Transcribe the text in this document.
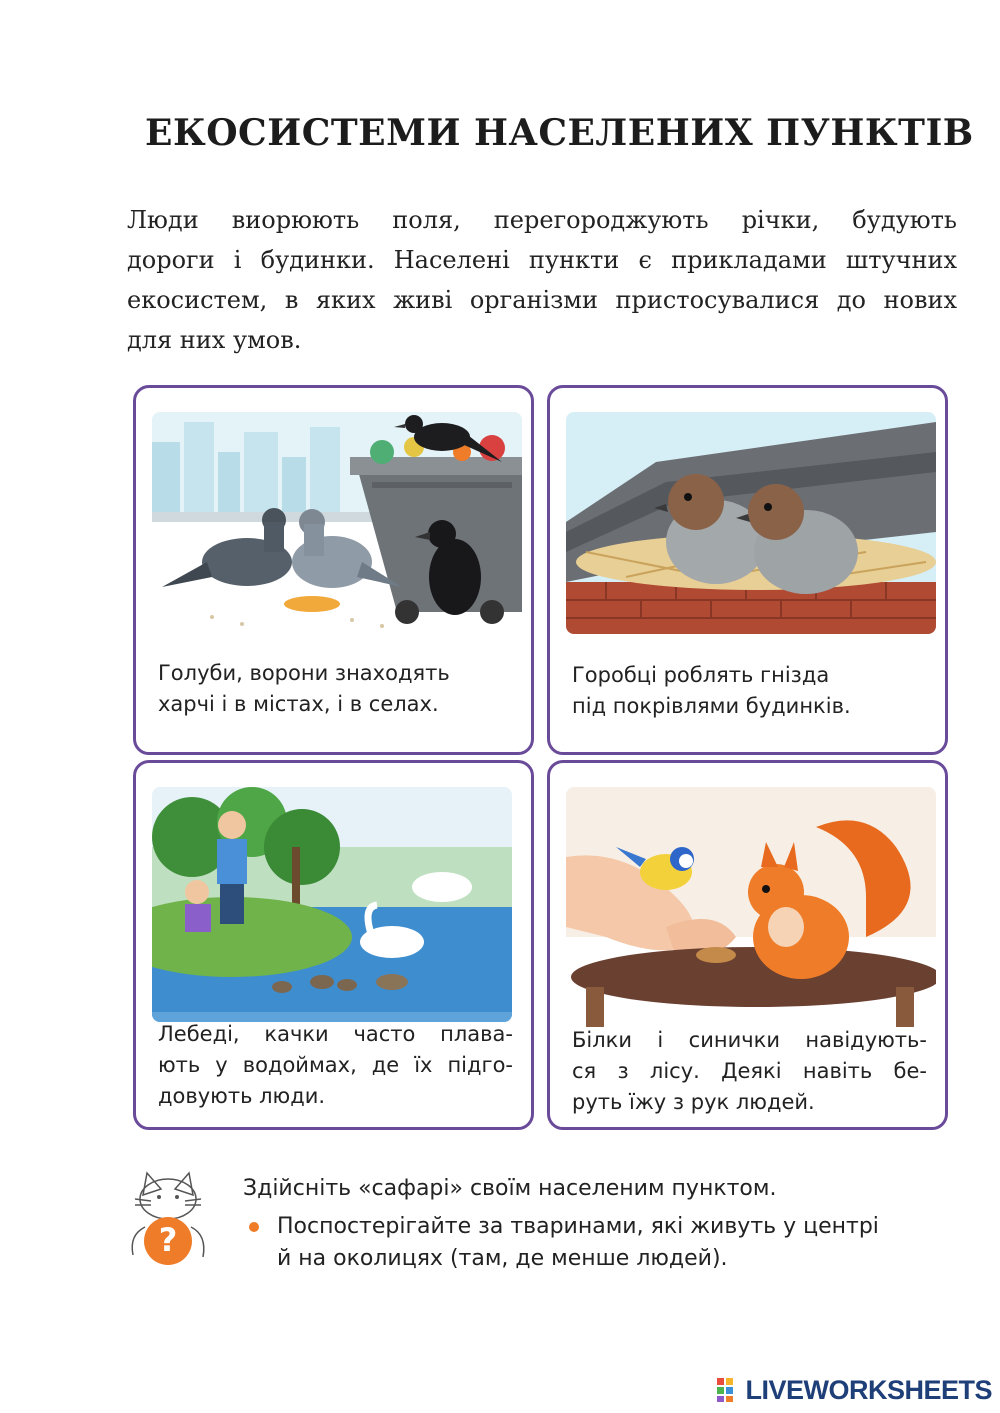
ЕКОСИСТЕМИ НАСЕЛЕНИХ ПУНКТІВ
Люди виорюють поля, перегороджують річки, будують
дороги і будинки. Населені пункти є прикладами штучних
екосистем, в яких живі організми пристосувалися до нових
для них умов.
Голуби, ворони знаходять
харчі і в містах, і в селах.
Горобці роблять гнізда
під покрівлями будинків.
Лебеді, качки часто плава-
ють у водоймах, де їх підго-
довують люди.
Білки і синички навідують-
ся з лісу. Деякі навіть бе-
руть їжу з рук людей.
?
Здійсніть «сафарі» своїм населеним пунктом.
Поспостерігайте за тваринами, які живуть у центрі
й на околицях (там, де менше людей).
LIVEWORKSHEETS
